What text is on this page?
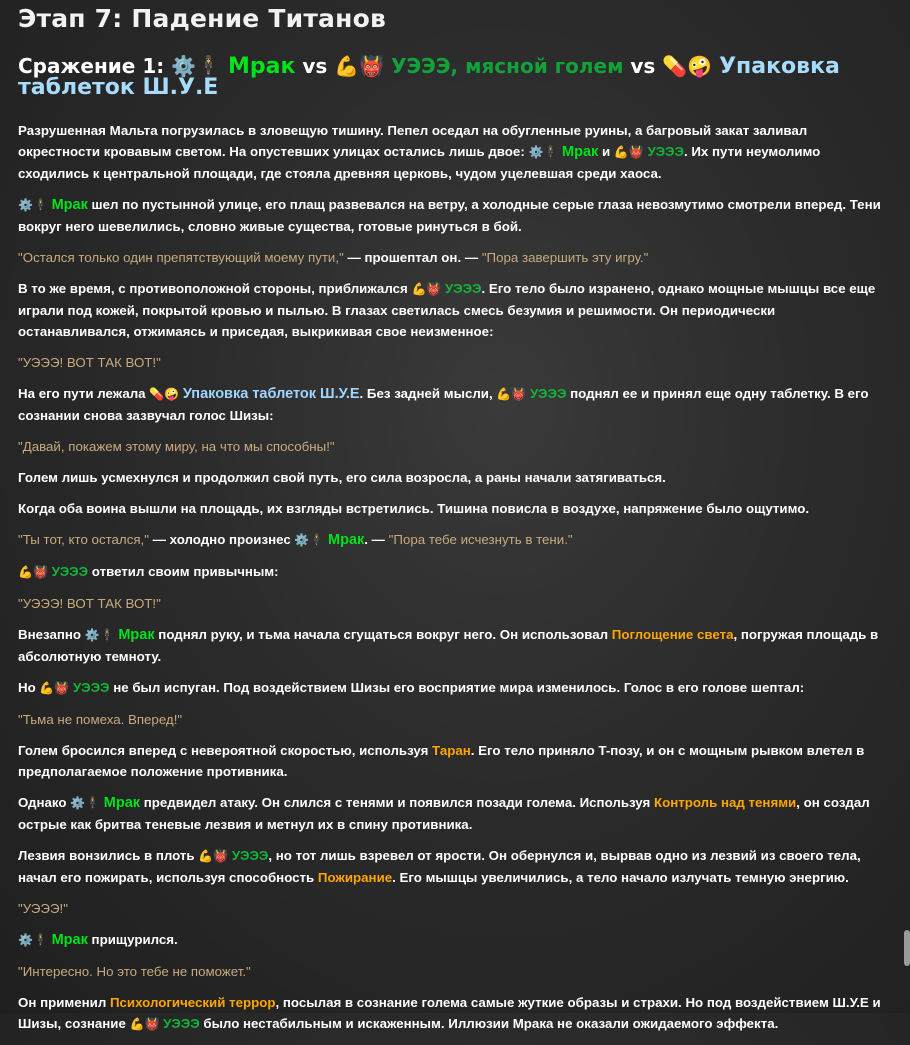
Этап 7: Падение Титанов
Сражение 1: ⚙️🕴 Мрак vs 💪👹 УЭЭЭ, мясной голем vs 💊🤪 Упаковка таблеток Ш.У.Е

Разрушенная Мальта погрузилась в зловещую тишину. Пепел оседал на обугленные руины, а багровый закат заливал окрестности кровавым светом. На опустевших улицах остались лишь двое: ⚙️🕴 Мрак и 💪👹 УЭЭЭ. Их пути неумолимо сходились к центральной площади, где стояла древняя церковь, чудом уцелевшая среди хаоса.

⚙️🕴 Мрак шел по пустынной улице, его плащ развевался на ветру, а холодные серые глаза невозмутимо смотрели вперед. Тени вокруг него шевелились, словно живые существа, готовые ринуться в бой.

"Остался только один препятствующий моему пути," — прошептал он. — "Пора завершить эту игру."

В то же время, с противоположной стороны, приближался 💪👹 УЭЭЭ. Его тело было изранено, однако мощные мышцы все еще играли под кожей, покрытой кровью и пылью. В глазах светилась смесь безумия и решимости. Он периодически останавливался, отжимаясь и приседая, выкрикивая свое неизменное:

"УЭЭЭ! ВОТ ТАК ВОТ!"

На его пути лежала 💊🤪 Упаковка таблеток Ш.У.Е. Без задней мысли, 💪👹 УЭЭЭ поднял ее и принял еще одну таблетку. В его сознании снова зазвучал голос Шизы:

"Давай, покажем этому миру, на что мы способны!"

Голем лишь усмехнулся и продолжил свой путь, его сила возросла, а раны начали затягиваться.

Когда оба воина вышли на площадь, их взгляды встретились. Тишина повисла в воздухе, напряжение было ощутимо.

"Ты тот, кто остался," — холодно произнес ⚙️🕴 Мрак. — "Пора тебе исчезнуть в тени."

💪👹 УЭЭЭ ответил своим привычным:

"УЭЭЭ! ВОТ ТАК ВОТ!"

Внезапно ⚙️🕴 Мрак поднял руку, и тьма начала сгущаться вокруг него. Он использовал Поглощение света, погружая площадь в абсолютную темноту.

Но 💪👹 УЭЭЭ не был испуган. Под воздействием Шизы его восприятие мира изменилось. Голос в его голове шептал:

"Тьма не помеха. Вперед!"

Голем бросился вперед с невероятной скоростью, используя Таран. Его тело приняло T-позу, и он с мощным рывком влетел в предполагаемое положение противника.

Однако ⚙️🕴 Мрак предвидел атаку. Он слился с тенями и появился позади голема. Используя Контроль над тенями, он создал острые как бритва теневые лезвия и метнул их в спину противника.

Лезвия вонзились в плоть 💪👹 УЭЭЭ, но тот лишь взревел от ярости. Он обернулся и, вырвав одно из лезвий из своего тела, начал его пожирать, используя способность Пожирание. Его мышцы увеличились, а тело начало излучать темную энергию.

"УЭЭЭ!"

⚙️🕴 Мрак прищурился.

"Интересно. Но это тебе не поможет."

Он применил Психологический террор, посылая в сознание голема самые жуткие образы и страхи. Но под воздействием Ш.У.Е и Шизы, сознание 💪👹 УЭЭЭ было нестабильным и искаженным. Иллюзии Мрака не оказали ожидаемого эффекта.
